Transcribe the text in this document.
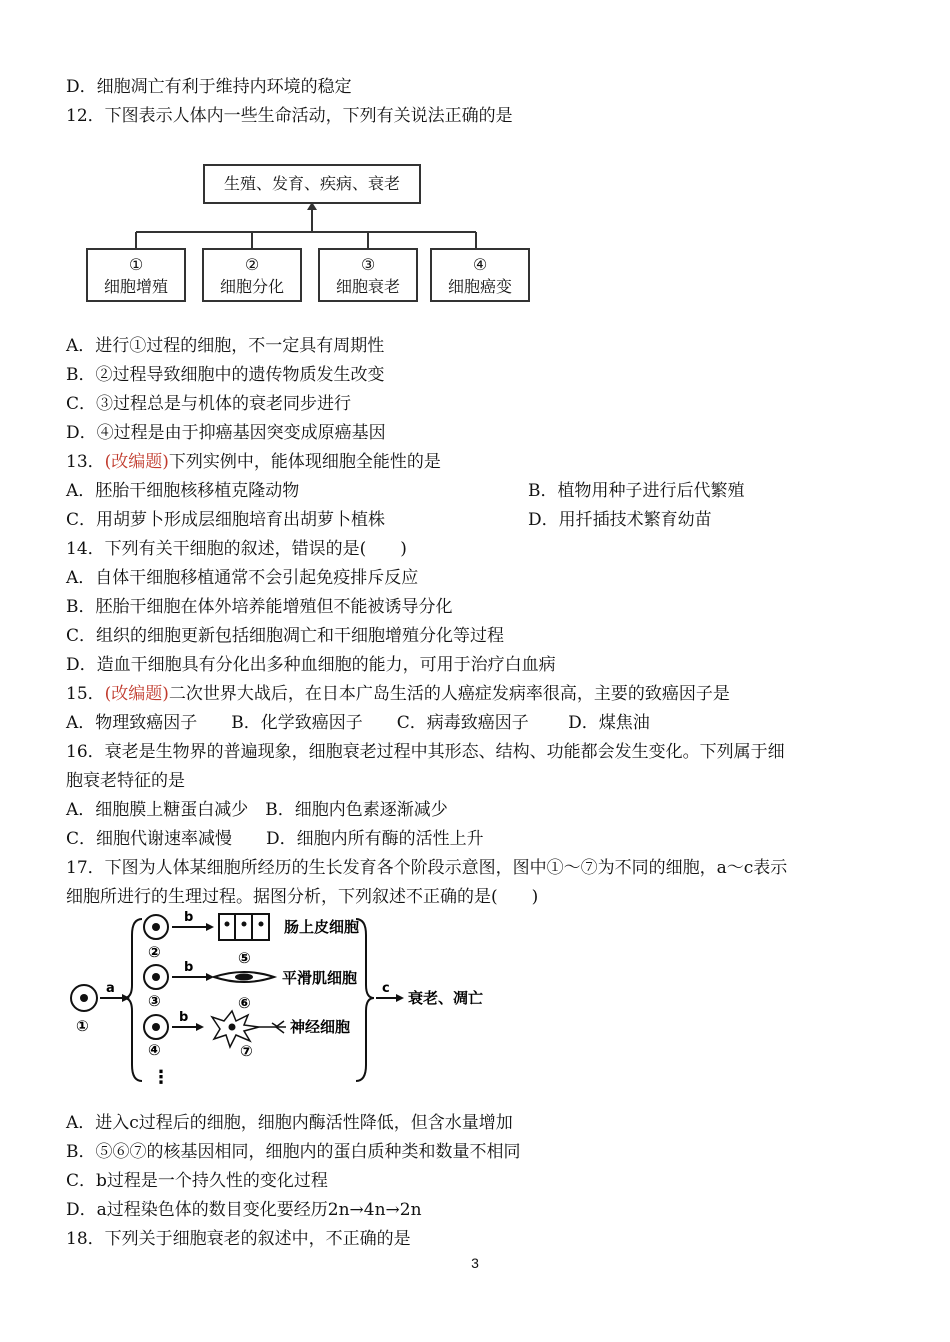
D．细胞凋亡有利于维持内环境的稳定
12．下图表示人体内一些生命活动，下列有关说法正确的是
生殖、发育、疾病、衰老
①
细胞增殖
②
细胞分化
③
细胞衰老
④
细胞癌变
A．进行①过程的细胞，不一定具有周期性
B．②过程导致细胞中的遗传物质发生改变
C．③过程总是与机体的衰老同步进行
D．④过程是由于抑癌基因突变成原癌基因
13．(改编题)下列实例中，能体现细胞全能性的是
A．胚胎干细胞核移植克隆动物	B．植物用种子进行后代繁殖
C．用胡萝卜形成层细胞培育出胡萝卜植株	D．用扦插技术繁育幼苗
14．下列有关干细胞的叙述，错误的是(　　)
A．自体干细胞移植通常不会引起免疫排斥反应
B．胚胎干细胞在体外培养能增殖但不能被诱导分化
C．组织的细胞更新包括细胞凋亡和干细胞增殖分化等过程
D．造血干细胞具有分化出多种血细胞的能力，可用于治疗白血病
15．(改编题)二次世界大战后，在日本广岛生活的人癌症发病率很高，主要的致癌因子是
A．物理致癌因子　　B．化学致癌因子　　C．病毒致癌因子　　 D．煤焦油
16．衰老是生物界的普遍现象，细胞衰老过程中其形态、结构、功能都会发生变化。下列属于细
胞衰老特征的是
A．细胞膜上糖蛋白减少　B．细胞内色素逐渐减少
C．细胞代谢速率减慢　　D．细胞内所有酶的活性上升
17．下图为人体某细胞所经历的生长发育各个阶段示意图，图中①～⑦为不同的细胞，a～c表示
细胞所进行的生理过程。据图分析，下列叙述不正确的是(　　)
①
a
②
b
肠上皮细胞
⑤
③
b
平滑肌细胞
⑥
④
b
神经细胞
⑦
⋮
c
衰老、凋亡
A．进入c过程后的细胞，细胞内酶活性降低，但含水量增加
B．⑤⑥⑦的核基因相同，细胞内的蛋白质种类和数量不相同
C．b过程是一个持久性的变化过程
D．a过程染色体的数目变化要经历2n→4n→2n
18．下列关于细胞衰老的叙述中，不正确的是
3
